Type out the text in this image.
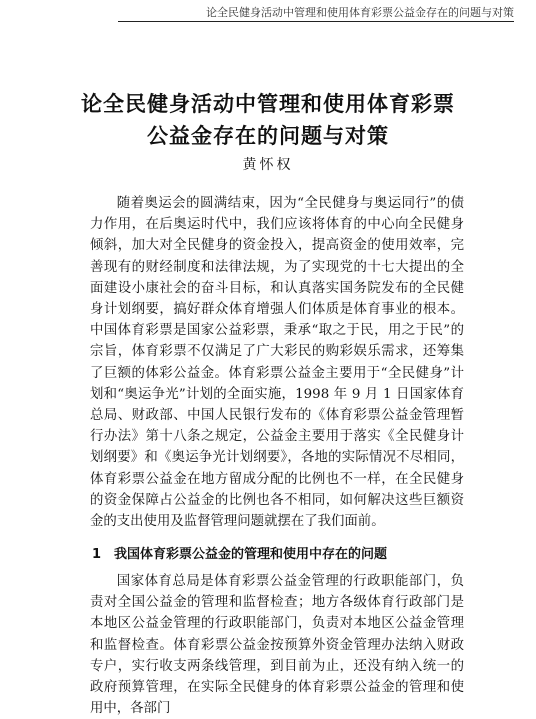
论全民健身活动中管理和使用体育彩票公益金存在的问题与对策
论全民健身活动中管理和使用体育彩票
公益金存在的问题与对策
黄怀权

随着奥运会的圆满结束，因为“全民健身与奥运同行”的债力作用，在后奥运时代中，我们应该将体育的中心向全民健身倾斜，加大对全民健身的资金投入，提高资金的使用效率，完善现有的财经制度和法律法规，为了实现党的十七大提出的全面建设小康社会的奋斗目标，和认真落实国务院发布的全民健身计划纲要，搞好群众体育增强人们体质是体育事业的根本。中国体育彩票是国家公益彩票，秉承“取之于民，用之于民”的宗旨，体育彩票不仅满足了广大彩民的购彩娱乐需求，还筹集了巨额的体彩公益金。体育彩票公益金主要用于“全民健身”计划和“奥运争光”计划的全面实施，1998 年 9 月 1 日国家体育总局、财政部、中国人民银行发布的《体育彩票公益金管理暂行办法》第十八条之规定，公益金主要用于落实《全民健身计划纲要》和《奥运争光计划纲要》，各地的实际情况不尽相同，体育彩票公益金在地方留成分配的比例也不一样，在全民健身的资金保障占公益金的比例也各不相同，如何解决这些巨额资金的支出使用及监督管理问题就摆在了我们面前。

1　我国体育彩票公益金的管理和使用中存在的问题

国家体育总局是体育彩票公益金管理的行政职能部门，负责对全国公益金的管理和监督检查；地方各级体育行政部门是本地区公益金管理的行政职能部门，负责对本地区公益金管理和监督检查。体育彩票公益金按预算外资金管理办法纳入财政专户，实行收支两条线管理，到目前为止，还没有纳入统一的政府预算管理，在实际全民健身的体育彩票公益金的管理和使用中，各部门
